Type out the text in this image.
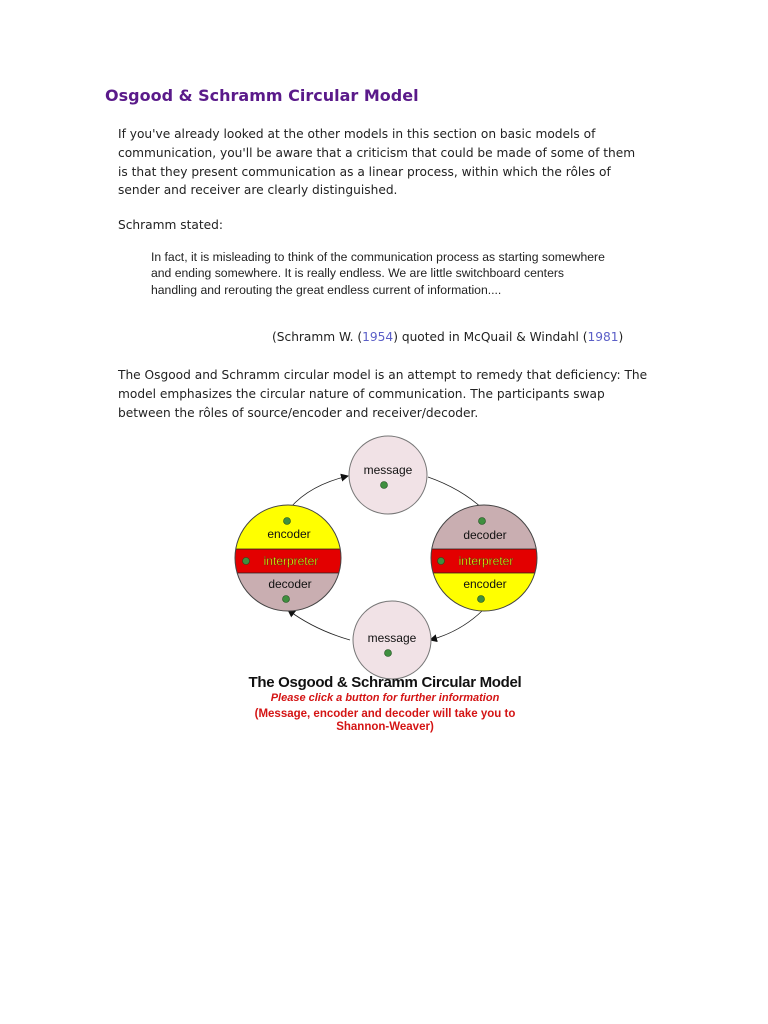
Osgood & Schramm Circular Model

If you've already looked at the other models in this section on basic models of communication, you'll be aware that a criticism that could be made of some of them is that they present communication as a linear process, within which the rôles of sender and receiver are clearly distinguished.

Schramm stated:

In fact, it is misleading to think of the communication process as starting somewhere and ending somewhere. It is really endless. We are little switchboard centers handling and rerouting the great endless current of information....

(Schramm W. (1954) quoted in McQuail & Windahl (1981)

The Osgood and Schramm circular model is an attempt to remedy that deficiency: The model emphasizes the circular nature of communication. The participants swap between the rôles of source/encoder and receiver/decoder.

message
message
encoder
interpreter
decoder
decoder
interpreter
encoder
The Osgood & Schramm Circular Model
Please click a button for further information
(Message, encoder and decoder will take you to Shannon-Weaver)
